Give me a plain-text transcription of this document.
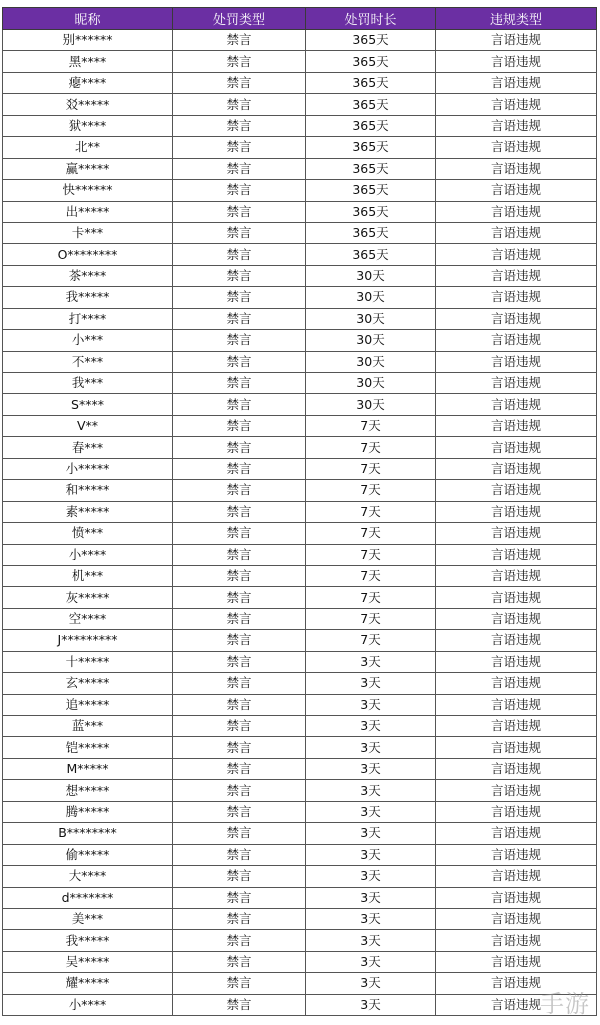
昵称	处罚类型	处罚时长	违规类型
别******	禁言	365天	言语违规
黑****	禁言	365天	言语违规
瘪****	禁言	365天	言语违规
㸚*****	禁言	365天	言语违规
狱****	禁言	365天	言语违规
北**	禁言	365天	言语违规
赢*****	禁言	365天	言语违规
快******	禁言	365天	言语违规
出*****	禁言	365天	言语违规
卡***	禁言	365天	言语违规
O********	禁言	365天	言语违规
茶****	禁言	30天	言语违规
我*****	禁言	30天	言语违规
打****	禁言	30天	言语违规
小***	禁言	30天	言语违规
不***	禁言	30天	言语违规
我***	禁言	30天	言语违规
S****	禁言	30天	言语违规
V**	禁言	7天	言语违规
春***	禁言	7天	言语违规
小*****	禁言	7天	言语违规
和*****	禁言	7天	言语违规
素*****	禁言	7天	言语违规
愤***	禁言	7天	言语违规
小****	禁言	7天	言语违规
机***	禁言	7天	言语违规
灰*****	禁言	7天	言语违规
空****	禁言	7天	言语违规
J*********	禁言	7天	言语违规
十*****	禁言	3天	言语违规
玄*****	禁言	3天	言语违规
追*****	禁言	3天	言语违规
蓝***	禁言	3天	言语违规
铠*****	禁言	3天	言语违规
M*****	禁言	3天	言语违规
想*****	禁言	3天	言语违规
腾*****	禁言	3天	言语违规
B********	禁言	3天	言语违规
偷*****	禁言	3天	言语违规
大****	禁言	3天	言语违规
d*******	禁言	3天	言语违规
美***	禁言	3天	言语违规
我*****	禁言	3天	言语违规
吴*****	禁言	3天	言语违规
耀*****	禁言	3天	言语违规
小****	禁言	3天	言语违规 手游
